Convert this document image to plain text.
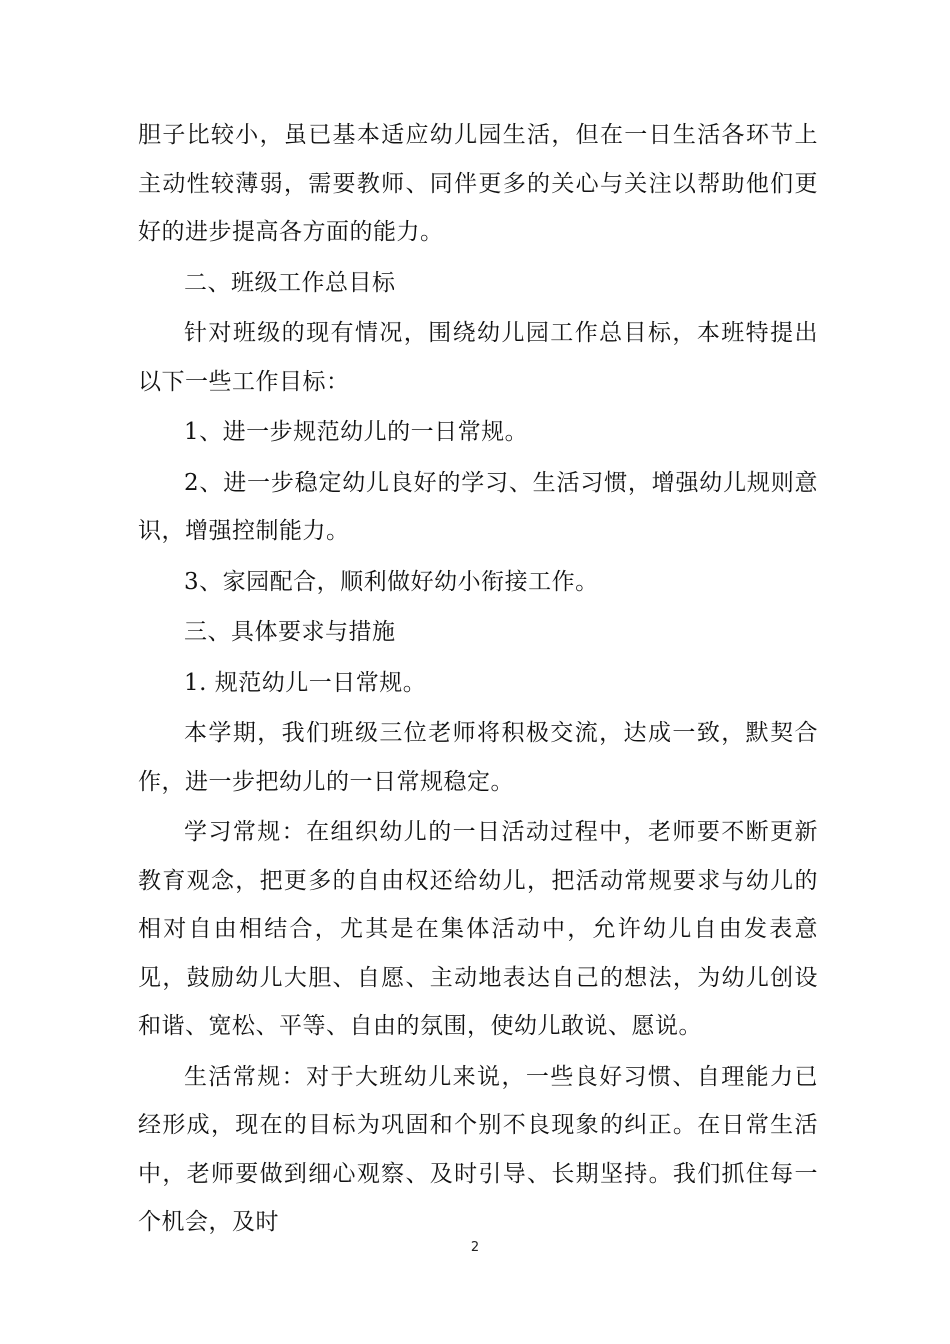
胆子比较小，虽已基本适应幼儿园生活，但在一日生活各环节上主动性较薄弱，需要教师、同伴更多的关心与关注以帮助他们更好的进步提高各方面的能力。

二、班级工作总目标

针对班级的现有情况，围绕幼儿园工作总目标，本班特提出以下一些工作目标：

1、进一步规范幼儿的一日常规。

2、进一步稳定幼儿良好的学习、生活习惯，增强幼儿规则意识，增强控制能力。

3、家园配合，顺利做好幼小衔接工作。

三、具体要求与措施

1. 规范幼儿一日常规。

本学期，我们班级三位老师将积极交流，达成一致，默契合作，进一步把幼儿的一日常规稳定。

学习常规：在组织幼儿的一日活动过程中，老师要不断更新教育观念，把更多的自由权还给幼儿，把活动常规要求与幼儿的相对自由相结合，尤其是在集体活动中，允许幼儿自由发表意见，鼓励幼儿大胆、自愿、主动地表达自己的想法，为幼儿创设和谐、宽松、平等、自由的氛围，使幼儿敢说、愿说。

生活常规：对于大班幼儿来说，一些良好习惯、自理能力已经形成，现在的目标为巩固和个别不良现象的纠正。在日常生活中，老师要做到细心观察、及时引导、长期坚持。我们抓住每一个机会，及时

2
